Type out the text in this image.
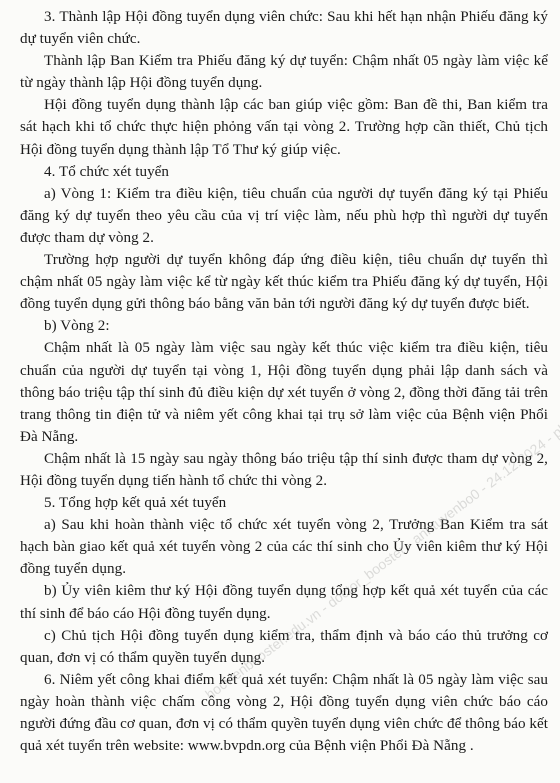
3. Thành lập Hội đồng tuyển dụng viên chức: Sau khi hết hạn nhận Phiếu đăng ký dự tuyển viên chức.

Thành lập Ban Kiểm tra Phiếu đăng ký dự tuyển: Chậm nhất 05 ngày làm việc kể từ ngày thành lập Hội đồng tuyển dụng.

Hội đồng tuyển dụng thành lập các ban giúp việc gồm: Ban đề thi, Ban kiểm tra sát hạch khi tổ chức thực hiện phỏng vấn tại vòng 2. Trường hợp cần thiết, Chủ tịch Hội đồng tuyển dụng thành lập Tổ Thư ký giúp việc.

4. Tổ chức xét tuyển

a) Vòng 1: Kiểm tra điều kiện, tiêu chuẩn của người dự tuyển đăng ký tại Phiếu đăng ký dự tuyển theo yêu cầu của vị trí việc làm, nếu phù hợp thì người dự tuyển được tham dự vòng 2.

Trường hợp người dự tuyển không đáp ứng điều kiện, tiêu chuẩn dự tuyển thì chậm nhất 05 ngày làm việc kể từ ngày kết thúc kiểm tra Phiếu đăng ký dự tuyển, Hội đồng tuyển dụng gửi thông báo bằng văn bản tới người đăng ký dự tuyển được biết.

b) Vòng 2:

Chậm nhất là 05 ngày làm việc sau ngày kết thúc việc kiểm tra điều kiện, tiêu chuẩn của người dự tuyển tại vòng 1, Hội đồng tuyển dụng phải lập danh sách và thông báo triệu tập thí sinh đủ điều kiện dự xét tuyển ở vòng 2, đồng thời đăng tải trên trang thông tin điện tử và niêm yết công khai tại trụ sở làm việc của Bệnh viện Phổi Đà Nẵng.

Chậm nhất là 15 ngày sau ngày thông báo triệu tập thí sinh được tham dự vòng 2, Hội đồng tuyển dụng tiến hành tổ chức thi vòng 2.

5. Tổng hợp kết quả xét tuyển

a) Sau khi hoàn thành việc tổ chức xét tuyển vòng 2, Trưởng Ban Kiểm tra sát hạch bàn giao kết quả xét tuyển vòng 2 của các thí sinh cho Ủy viên kiêm thư ký Hội đồng tuyển dụng.

b) Ủy viên kiêm thư ký Hội đồng tuyển dụng tổng hợp kết quả xét tuyển của các thí sinh để báo cáo Hội đồng tuyển dụng.

c) Chủ tịch Hội đồng tuyển dụng kiểm tra, thẩm định và báo cáo thủ trưởng cơ quan, đơn vị có thẩm quyền tuyển dụng.

6. Niêm yết công khai điểm kết quả xét tuyển: Chậm nhất là 05 ngày làm việc sau ngày hoàn thành việc chấm công vòng 2, Hội đồng tuyển dụng viên chức báo cáo người đứng đầu cơ quan, đơn vị có thẩm quyền tuyển dụng viên chức để thông báo kết quả xét tuyển trên website: www.bvpdn.org của Bệnh viện Phổi Đà Nẵng .
